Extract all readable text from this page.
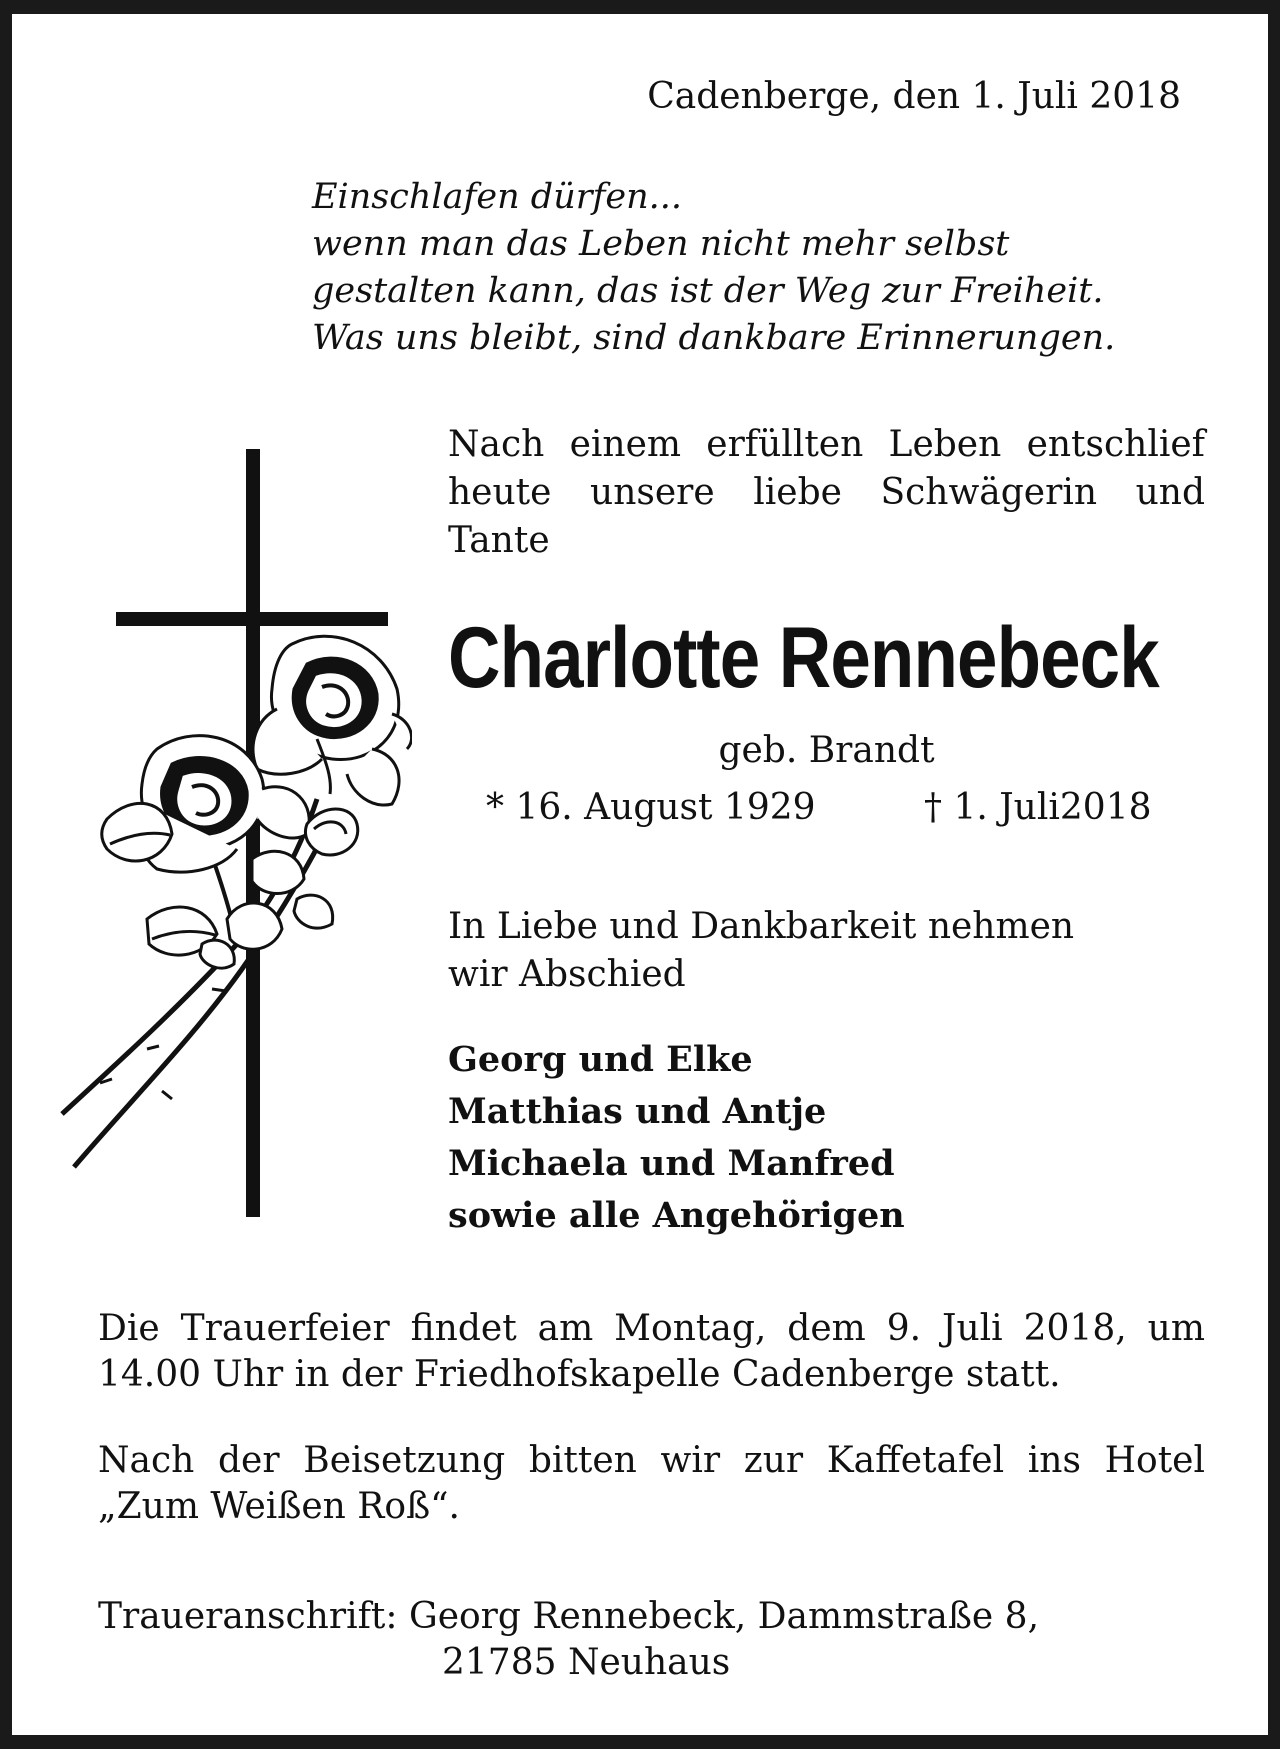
Cadenberge, den 1. Juli 2018
Einschlafen dürfen...
wenn man das Leben nicht mehr selbst
gestalten kann, das ist der Weg zur Freiheit.
Was uns bleibt, sind dankbare Erinnerungen.
Nach einem erfüllten Leben entschlief
heute unsere liebe Schwägerin und
Tante
Charlotte Rennebeck
geb. Brandt
* 16. August 1929	† 1. Juli2018
In Liebe und Dankbarkeit nehmen
wir Abschied
Georg und Elke
Matthias und Antje
Michaela und Manfred
sowie alle Angehörigen
Die Trauerfeier findet am Montag, dem 9. Juli 2018, um
14.00 Uhr in der Friedhofskapelle Cadenberge statt.
Nach der Beisetzung bitten wir zur Kaffetafel ins Hotel
„Zum Weißen Roß“.
Traueranschrift: Georg Rennebeck, Dammstraße 8,
21785 Neuhaus
